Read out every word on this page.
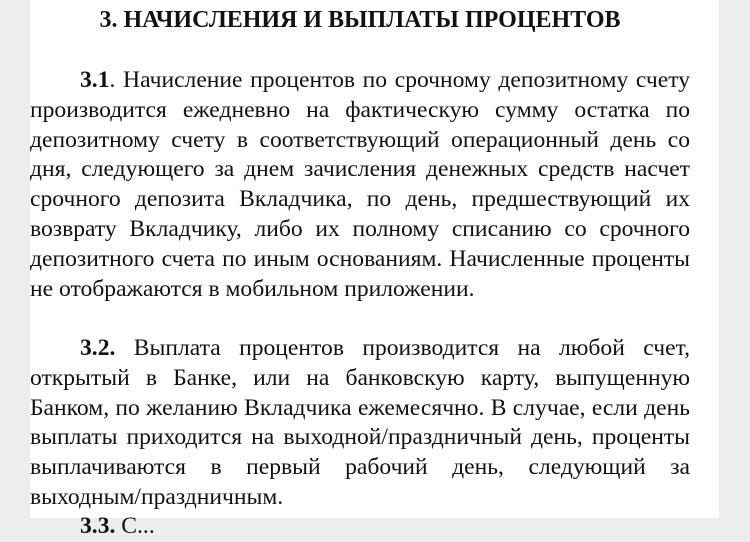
3. НАЧИСЛЕНИЯ И ВЫПЛАТЫ ПРОЦЕНТОВ

3.1. Начисление процентов по срочному депозитному счету производится ежедневно на фактическую сумму остатка по депозитному счету в соответствующий операционный день со дня, следующего за днем зачисления денежных средств насчет срочного депозита Вкладчика, по день, предшествующий их возврату Вкладчику, либо их полному списанию со срочного депозитного счета по иным основаниям. Начисленные проценты не отображаются в мобильном приложении.

3.2. Выплата процентов производится на любой счет, открытый в Банке, или на банковскую карту, выпущенную Банком, по желанию Вкладчика ежемесячно. В случае, если день выплаты приходится на выходной/праздничный день, проценты выплачиваются в первый рабочий день, следующий за выходным/праздничным.

3.3. С...
